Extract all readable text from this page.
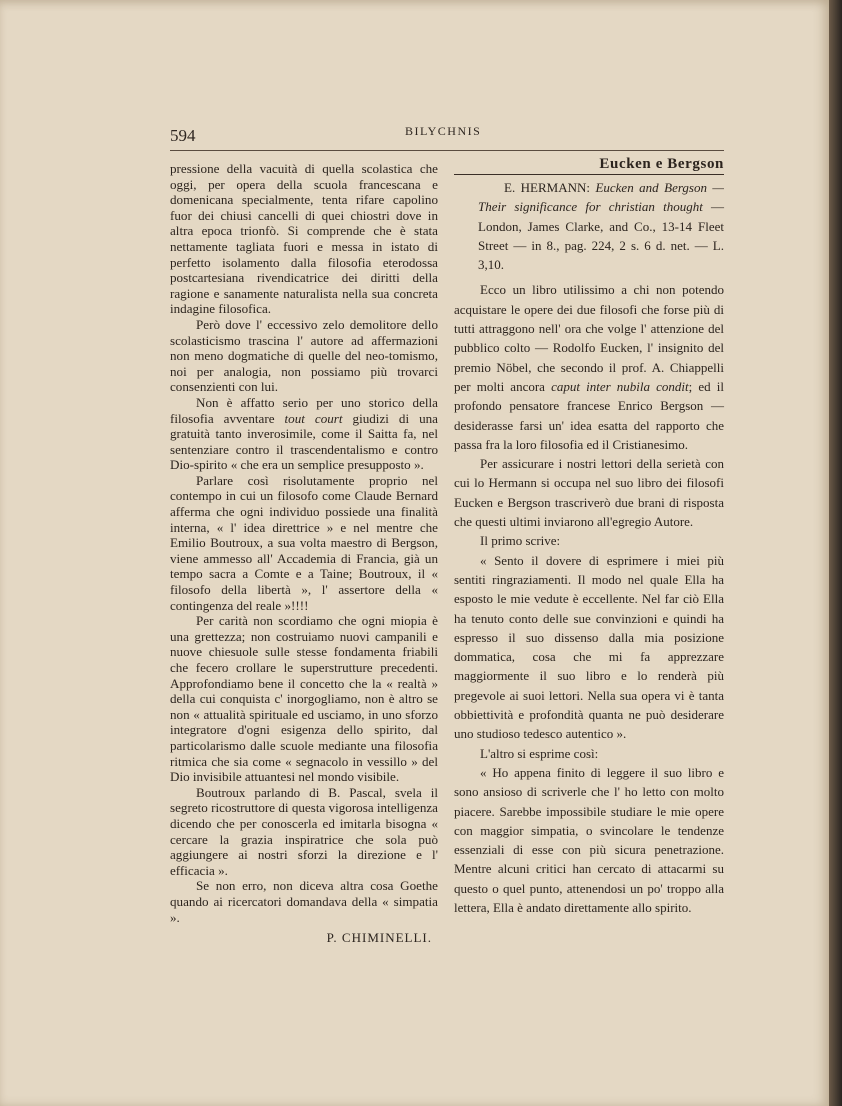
594	BILYCHNIS

pressione della vacuità di quella scolastica che oggi, per opera della scuola francescana e domenicana specialmente, tenta rifare capolino fuor dei chiusi cancelli di quei chiostri dove in altra epoca trionfò. Si comprende che è stata nettamente tagliata fuori e messa in istato di perfetto isolamento dalla filosofia eterodossa postcartesiana rivendicatrice dei diritti della ragione e sanamente naturalista nella sua concreta indagine filosofica.

Però dove l' eccessivo zelo demolitore dello scolasticismo trascina l' autore ad affermazioni non meno dogmatiche di quelle del neo-tomismo, noi per analogia, non possiamo più trovarci consenzienti con lui.

Non è affatto serio per uno storico della filosofia avventare tout court giudizi di una gratuità tanto inverosimile, come il Saitta fa, nel sentenziare contro il trascendentalismo e contro Dio-spirito « che era un semplice presupposto ».

Parlare così risolutamente proprio nel contempo in cui un filosofo come Claude Bernard afferma che ogni individuo possiede una finalità interna, « l' idea direttrice » e nel mentre che Emilio Boutroux, a sua volta maestro di Bergson, viene ammesso all' Accademia di Francia, già un tempo sacra a Comte e a Taine; Boutroux, il « filosofo della libertà », l' assertore della « contingenza del reale »!!!!

Per carità non scordiamo che ogni miopia è una grettezza; non costruiamo nuovi campanili e nuove chiesuole sulle stesse fondamenta friabili che fecero crollare le superstrutture precedenti. Approfondiamo bene il concetto che la « realtà » della cui conquista c' inorgogliamo, non è altro se non « attualità spirituale ed usciamo, in uno sforzo integratore d'ogni esigenza dello spirito, dal particolarismo dalle scuole mediante una filosofia ritmica che sia come « segnacolo in vessillo » del Dio invisibile attuantesi nel mondo visibile.

Boutroux parlando di B. Pascal, svela il segreto ricostruttore di questa vigorosa intelligenza dicendo che per conoscerla ed imitarla bisogna « cercare la grazia inspiratrice che sola può aggiungere ai nostri sforzi la direzione e l' efficacia ».

Se non erro, non diceva altra cosa Goethe quando ai ricercatori domandava della « simpatia ».

P. CHIMINELLI.

Eucken e Bergson

E. HERMANN: Eucken and Bergson — Their significance for christian thought — London, James Clarke, and Co., 13-14 Fleet Street — in 8., pag. 224, 2 s. 6 d. net. — L. 3,10.

Ecco un libro utilissimo a chi non potendo acquistare le opere dei due filosofi che forse più di tutti attraggono nell' ora che volge l' attenzione del pubblico colto — Rodolfo Eucken, l' insignito del premio Nöbel, che secondo il prof. A. Chiappelli per molti ancora caput inter nubila condit; ed il profondo pensatore francese Enrico Bergson — desiderasse farsi un' idea esatta del rapporto che passa fra la loro filosofia ed il Cristianesimo.

Per assicurare i nostri lettori della serietà con cui lo Hermann si occupa nel suo libro dei filosofi Eucken e Bergson trascriverò due brani di risposta che questi ultimi inviarono all'egregio Autore.

Il primo scrive:

« Sento il dovere di esprimere i miei più sentiti ringraziamenti. Il modo nel quale Ella ha esposto le mie vedute è eccellente. Nel far ciò Ella ha tenuto conto delle sue convinzioni e quindi ha espresso il suo dissenso dalla mia posizione dommatica, cosa che mi fa apprezzare maggiormente il suo libro e lo renderà più pregevole ai suoi lettori. Nella sua opera vi è tanta obbiettività e profondità quanta ne può desiderare uno studioso tedesco autentico ».

L'altro si esprime così:

« Ho appena finito di leggere il suo libro e sono ansioso di scriverle che l' ho letto con molto piacere. Sarebbe impossibile studiare le mie opere con maggior simpatia, o svincolare le tendenze essenziali di esse con più sicura penetrazione. Mentre alcuni critici han cercato di attacarmi su questo o quel punto, attenendosi un po' troppo alla lettera, Ella è andato direttamente allo spirito.
